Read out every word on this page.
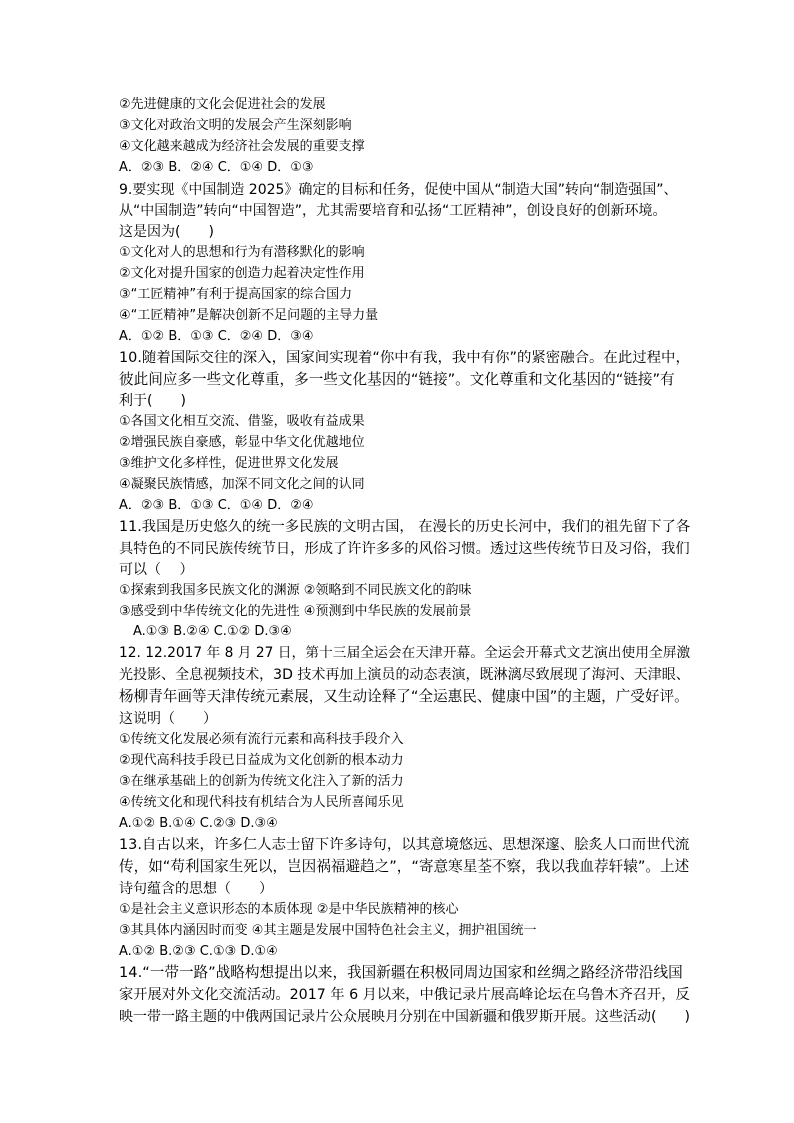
②先进健康的文化会促进社会的发展
③文化对政治文明的发展会产生深刻影响
④文化越来越成为经济社会发展的重要支撑
A．②③ B．②④ C．①④ D．①③
9.要实现《中国制造 2025》确定的目标和任务，促使中国从“制造大国”转向“制造强国”、
从“中国制造”转向“中国智造”，尤其需要培育和弘扬“工匠精神”，创设良好的创新环境。
这是因为(　　)
①文化对人的思想和行为有潜移默化的影响
②文化对提升国家的创造力起着决定性作用
③“工匠精神”有利于提高国家的综合国力
④“工匠精神”是解决创新不足问题的主导力量
A．①② B．①③ C．②④ D．③④
10.随着国际交往的深入，国家间实现着“你中有我，我中有你”的紧密融合。在此过程中，
彼此间应多一些文化尊重，多一些文化基因的“链接”。文化尊重和文化基因的“链接”有
利于(　　)
①各国文化相互交流、借鉴，吸收有益成果
②增强民族自豪感，彰显中华文化优越地位
③维护文化多样性，促进世界文化发展
④凝聚民族情感，加深不同文化之间的认同
A．②③ B．①③ C．①④ D．②④
11.我国是历史悠久的统一多民族的文明古国， 在漫长的历史长河中，我们的祖先留下了各
具特色的不同民族传统节日，形成了许许多多的风俗习惯。透过这些传统节日及习俗，我们
可以（　 ）
①探索到我国多民族文化的渊源 ②领略到不同民族文化的韵味
③感受到中华传统文化的先进性 ④预测到中华民族的发展前景
A.①③ B.②④ C.①② D.③④
12. 12.2017 年 8 月 27 日，第十三届全运会在天津开幕。全运会开幕式文艺演出使用全屏激
光投影、全息视频技术，3D 技术再加上演员的动态表演，既淋漓尽致展现了海河、天津眼、
杨柳青年画等天津传统元素展，又生动诠释了“全运惠民、健康中国”的主题，广受好评。
这说明（　　）
①传统文化发展必须有流行元素和高科技手段介入
②现代高科技手段已日益成为文化创新的根本动力
③在继承基础上的创新为传统文化注入了新的活力
④传统文化和现代科技有机结合为人民所喜闻乐见
A.①② B.①④ C.②③ D.③④
13.自古以来，许多仁人志士留下许多诗句，以其意境悠远、思想深邃、脍炙人口而世代流
传，如“苟利国家生死以，岂因祸福避趋之”，“寄意寒星荃不察，我以我血荐轩辕”。上述
诗句蕴含的思想（　　）
①是社会主义意识形态的本质体现 ②是中华民族精神的核心
③其具体内涵因时而变 ④其主题是发展中国特色社会主义，拥护祖国统一
A.①② B.②③ C.①③ D.①④
14.“一带一路”战略构想提出以来，我国新疆在积极同周边国家和丝绸之路经济带沿线国
家开展对外文化交流活动。2017 年 6 月以来，中俄记录片展高峰论坛在乌鲁木齐召开，反
映一带一路主题的中俄两国记录片公众展映月分别在中国新疆和俄罗斯开展。这些活动(　　)
